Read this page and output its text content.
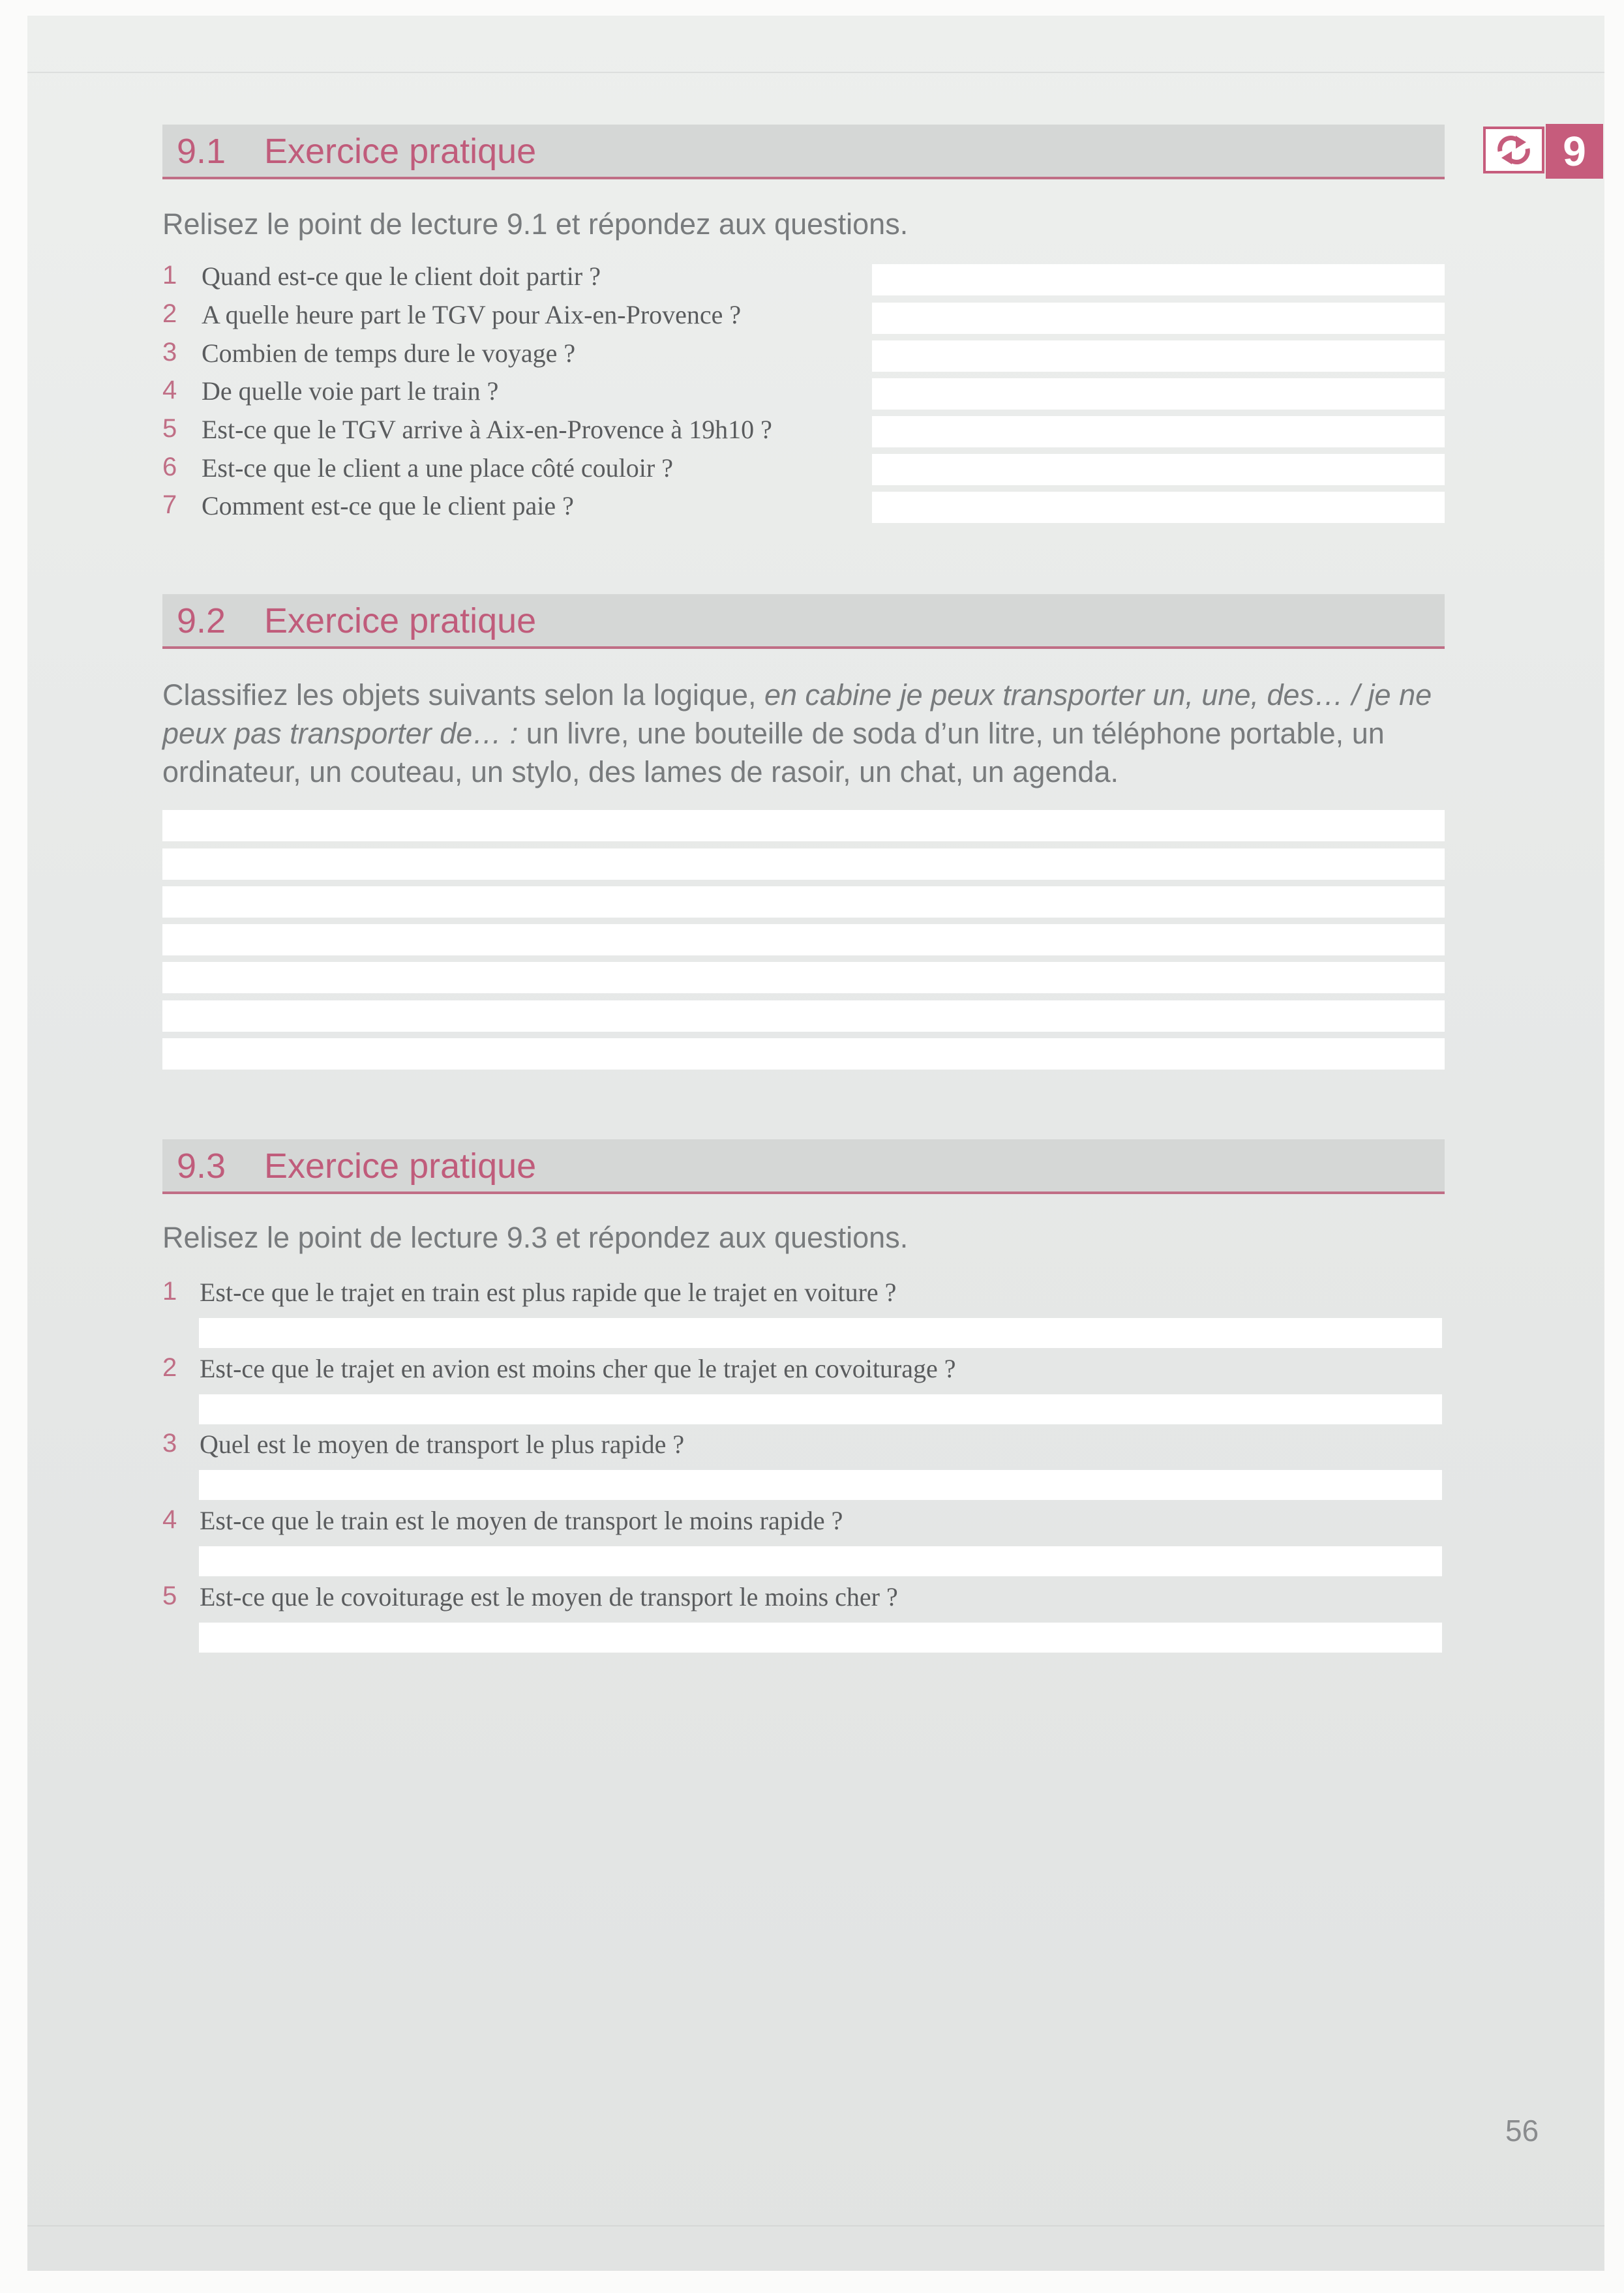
9
9.1 Exercice pratique
Relisez le point de lecture 9.1 et répondez aux questions.
1 Quand est-ce que le client doit partir ?
2 A quelle heure part le TGV pour Aix-en-Provence ?
3 Combien de temps dure le voyage ?
4 De quelle voie part le train ?
5 Est-ce que le TGV arrive à Aix-en-Provence à 19h10 ?
6 Est-ce que le client a une place côté couloir ?
7 Comment est-ce que le client paie ?
9.2 Exercice pratique
Classifiez les objets suivants selon la logique, en cabine je peux transporter un, une, des… / je ne peux pas transporter de… : un livre, une bouteille de soda d’un litre, un téléphone portable, un ordinateur, un couteau, un stylo, des lames de rasoir, un chat, un agenda.
9.3 Exercice pratique
Relisez le point de lecture 9.3 et répondez aux questions.
1 Est-ce que le trajet en train est plus rapide que le trajet en voiture ?
2 Est-ce que le trajet en avion est moins cher que le trajet en covoiturage ?
3 Quel est le moyen de transport le plus rapide ?
4 Est-ce que le train est le moyen de transport le moins rapide ?
5 Est-ce que le covoiturage est le moyen de transport le moins cher ?
56
